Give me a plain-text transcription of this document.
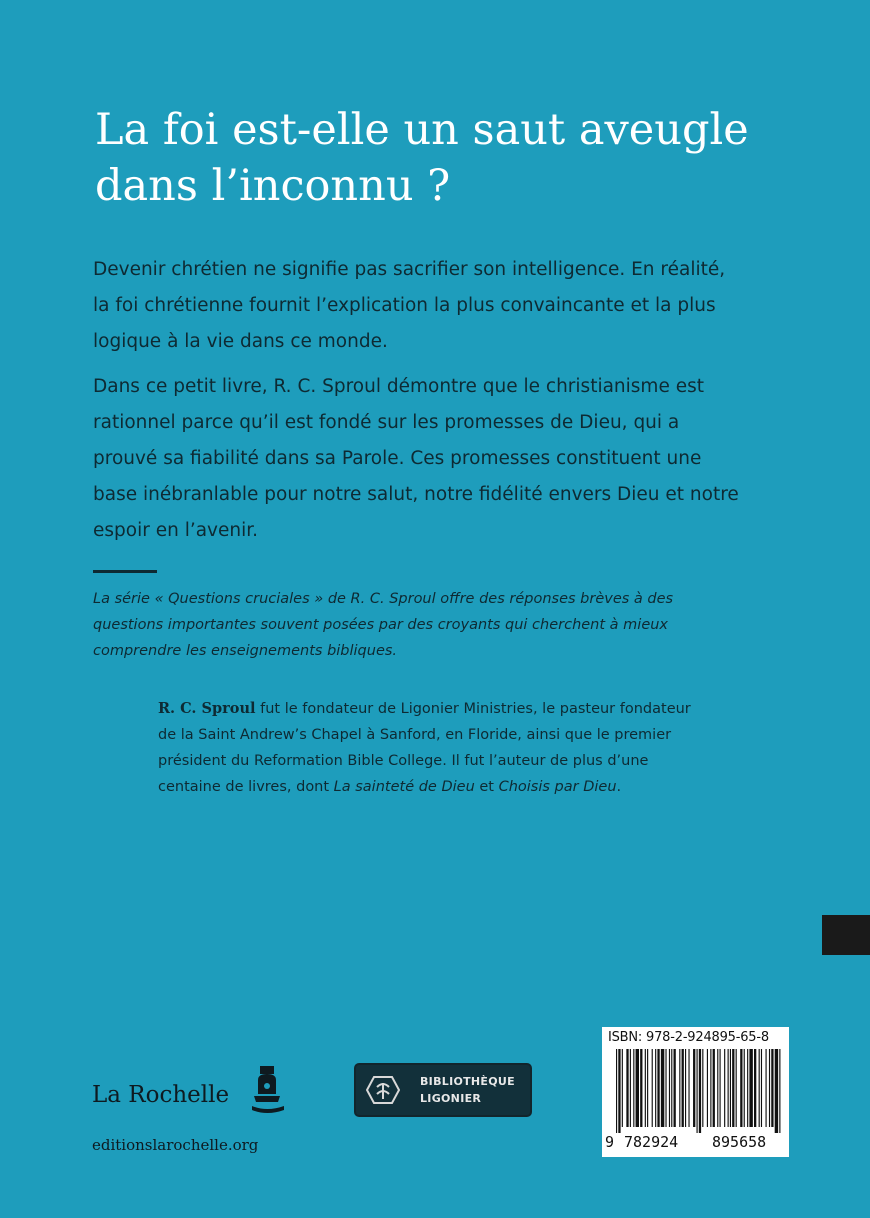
La foi est-elle un saut aveugle
dans l’inconnu ?

Devenir chrétien ne signifie pas sacrifier son intelligence. En réalité,
la foi chrétienne fournit l’explication la plus convaincante et la plus
logique à la vie dans ce monde.

Dans ce petit livre, R. C. Sproul démontre que le christianisme est
rationnel parce qu’il est fondé sur les promesses de Dieu, qui a
prouvé sa fiabilité dans sa Parole. Ces promesses constituent une
base inébranlable pour notre salut, notre fidélité envers Dieu et notre
espoir en l’avenir.

La série « Questions cruciales » de R. C. Sproul offre des réponses brèves à des
questions importantes souvent posées par des croyants qui cherchent à mieux
comprendre les enseignements bibliques.

R. C. Sproul fut le fondateur de Ligonier Ministries, le pasteur fondateur
de la Saint Andrew’s Chapel à Sanford, en Floride, ainsi que le premier
président du Reformation Bible College. Il fut l’auteur de plus d’une
centaine de livres, dont La sainteté de Dieu et Choisis par Dieu.

La Rochelle

editionslarochelle.org

BIBLIOTHÈQUE
LIGONIER

ISBN: 978-2-924895-65-8

9 782924 895658
